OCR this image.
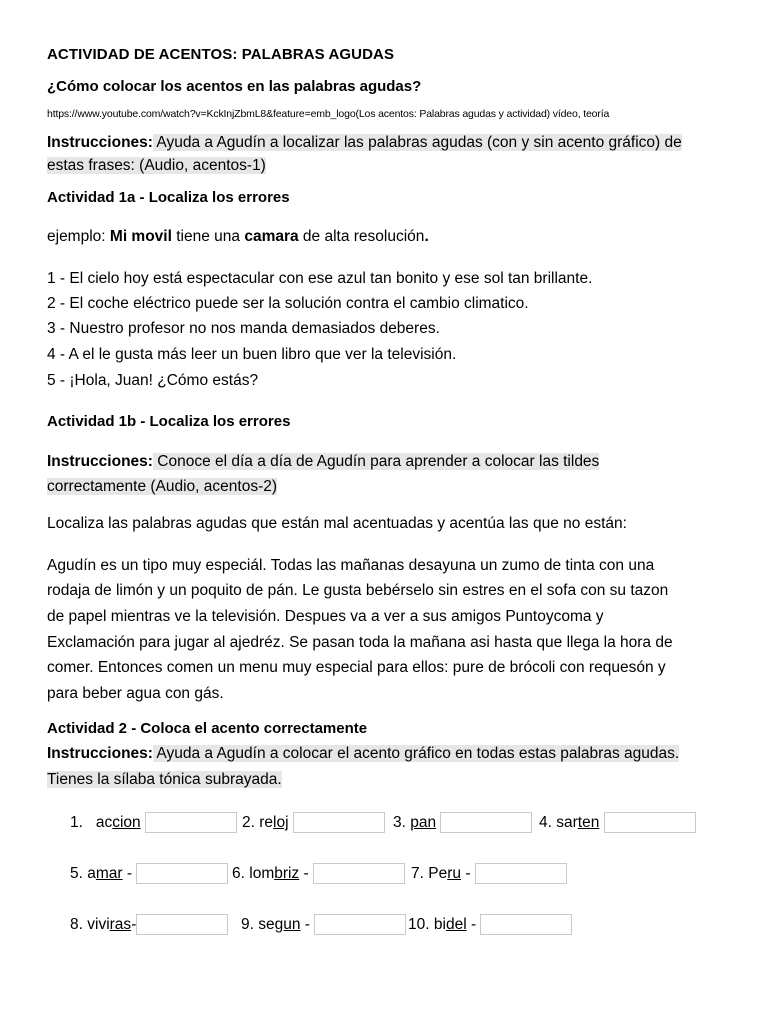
ACTIVIDAD DE ACENTOS: PALABRAS AGUDAS
¿Cómo colocar los acentos en las palabras agudas?
https://www.youtube.com/watch?v=KckInjZbmL8&feature=emb_logo(Los acentos: Palabras agudas y actividad) vídeo, teoría
Instrucciones: Ayuda a Agudín a localizar las palabras agudas (con y sin acento gráfico) de
estas frases: (Audio, acentos-1)
Actividad 1a - Localiza los errores
ejemplo: Mi movil tiene una camara de alta resolución.
1 - El cielo hoy está espectacular con ese azul tan bonito y ese sol tan brillante.
2 - El coche eléctrico puede ser la solución contra el cambio climatico.
3 - Nuestro profesor no nos manda demasiados deberes.
4 - A el le gusta más leer un buen libro que ver la televisión.
5 - ¡Hola, Juan! ¿Cómo estás?
Actividad 1b - Localiza los errores
Instrucciones: Conoce el día a día de Agudín para aprender a colocar las tildes
correctamente (Audio, acentos-2)
Localiza las palabras agudas que están mal acentuadas y acentúa las que no están:
Agudín es un tipo muy especiál. Todas las mañanas desayuna un zumo de tinta con una
rodaja de limón y un poquito de pán. Le gusta bebérselo sin estres en el sofa con su tazon
de papel mientras ve la televisión. Despues va a ver a sus amigos Puntoycoma y
Exclamación para jugar al ajedréz. Se pasan toda la mañana asi hasta que llega la hora de
comer. Entonces comen un menu muy especial para ellos: pure de brócoli con requesón y
para beber agua con gás.
Actividad 2 - Coloca el acento correctamente
Instrucciones: Ayuda a Agudín a colocar el acento gráfico en todas estas palabras agudas.
Tienes la sílaba tónica subrayada.
1. accion	2. reloj	3. pan	4. sarten
5. amar -	6. lombriz -	7. Peru -
8. viviras-	9. segun -	10. bidel -
